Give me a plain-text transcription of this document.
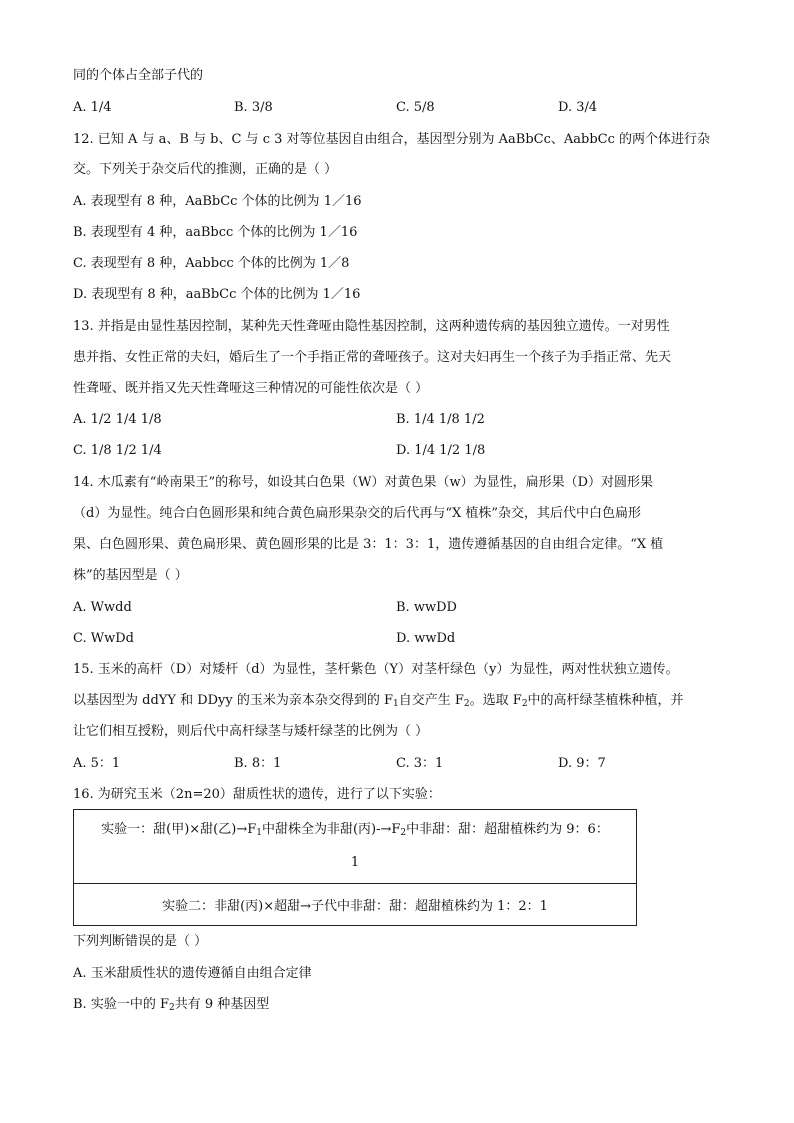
同的个体占全部子代的
A. 1/4	B. 3/8	C. 5/8	D. 3/4
12. 已知 A 与 a、B 与 b、C 与 c 3 对等位基因自由组合，基因型分别为 AaBbCc、AabbCc 的两个体进行杂
交。下列关于杂交后代的推测，正确的是（ ）
A. 表现型有 8 种，AaBbCc 个体的比例为 1／16
B. 表现型有 4 种，aaBbcc 个体的比例为 1／16
C. 表现型有 8 种，Aabbcc 个体的比例为 1／8
D. 表现型有 8 种，aaBbCc 个体的比例为 1／16
13. 并指是由显性基因控制，某种先天性聋哑由隐性基因控制，这两种遗传病的基因独立遗传。一对男性
患并指、女性正常的夫妇，婚后生了一个手指正常的聋哑孩子。这对夫妇再生一个孩子为手指正常、先天
性聋哑、既并指又先天性聋哑这三种情况的可能性依次是（ ）
A. 1/2 1/4 1/8	B. 1/4 1/8 1/2
C. 1/8 1/2 1/4	D. 1/4 1/2 1/8
14. 木瓜素有“岭南果王”的称号，如设其白色果（W）对黄色果（w）为显性，扁形果（D）对圆形果
（d）为显性。纯合白色圆形果和纯合黄色扁形果杂交的后代再与“X 植株”杂交，其后代中白色扁形
果、白色圆形果、黄色扁形果、黄色圆形果的比是 3：1：3：1，遗传遵循基因的自由组合定律。“X 植
株”的基因型是（ ）
A. Wwdd	B. wwDD
C. WwDd	D. wwDd
15. 玉米的高杆（D）对矮杆（d）为显性，茎杆紫色（Y）对茎杆绿色（y）为显性，两对性状独立遗传。
以基因型为 ddYY 和 DDyy 的玉米为亲本杂交得到的 $F_1$自交产生 $F_2$。选取 $F_2$中的高杆绿茎植株种植，并
让它们相互授粉，则后代中高杆绿茎与矮杆绿茎的比例为（ ）
A. 5：1	B. 8：1	C. 3：1	D. 9：7
16. 为研究玉米（2n=20）甜质性状的遗传，进行了以下实验：
实验一：甜(甲)×甜(乙)$\to F_1$中甜株全为非甜(丙)$-\to F_2$中非甜：甜：超甜植株约为 9：6：
1

实验二：非甜(丙)×超甜→子代中非甜：甜：超甜植株约为 1：2：1
下列判断错误的是（ ）
A. 玉米甜质性状的遗传遵循自由组合定律
B. 实验一中的 $F_2$共有 9 种基因型
